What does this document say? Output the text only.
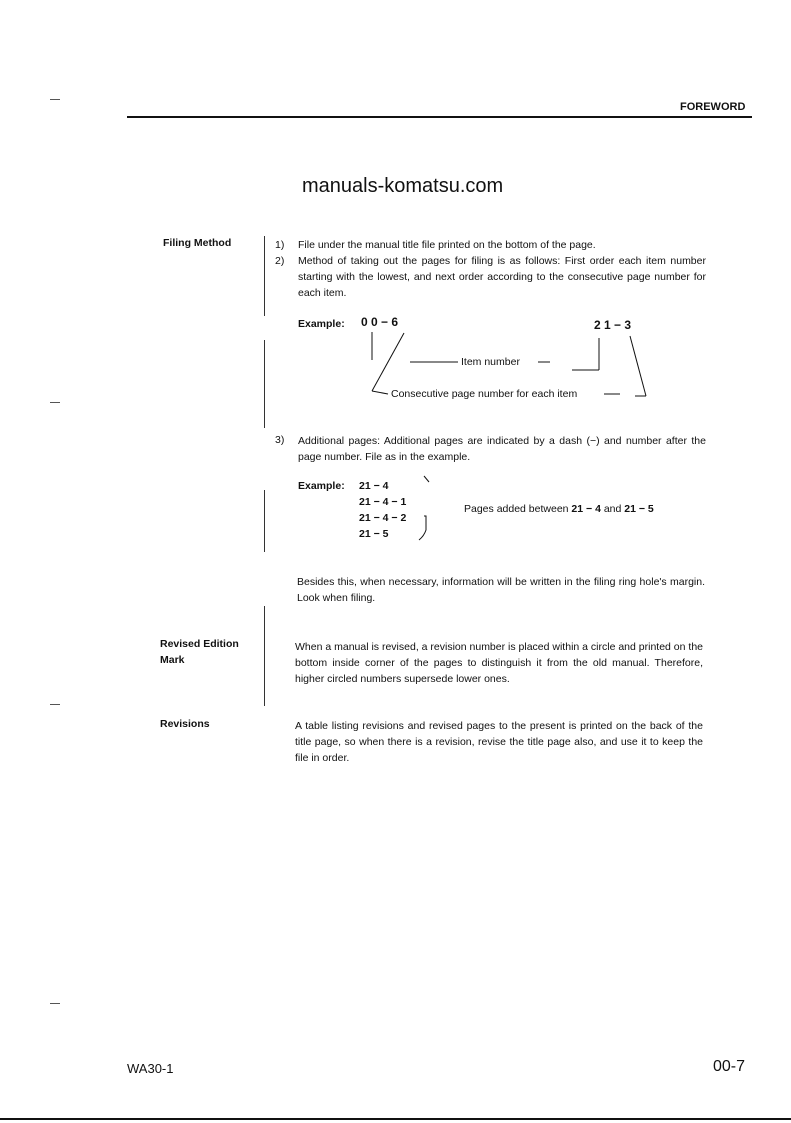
FOREWORD
manuals-komatsu.com
Filing Method	1) File under the manual title file printed on the bottom of the page.
2) Method of taking out the pages for filing is as follows: First order each item number starting with the lowest, and next order according to the consecutive page number for each item.
Example: 0 0 − 6	2 1 − 3
Item number
Consecutive page number for each item
3) Additional pages: Additional pages are indicated by a dash (−) and number after the page number. File as in the example.
Example: 21 − 4
21 − 4 − 1
21 − 4 − 2
21 − 5
Pages added between 21 − 4 and 21 − 5
Besides this, when necessary, information will be written in the filing ring hole's margin. Look when filing.
Revised Edition
Mark
When a manual is revised, a revision number is placed within a circle and printed on the bottom inside corner of the pages to distinguish it from the old manual. Therefore, higher circled numbers supersede lower ones.
Revisions	A table listing revisions and revised pages to the present is printed on the back of the title page, so when there is a revision, revise the title page also, and use it to keep the file in order.
WA30-1	00-7
